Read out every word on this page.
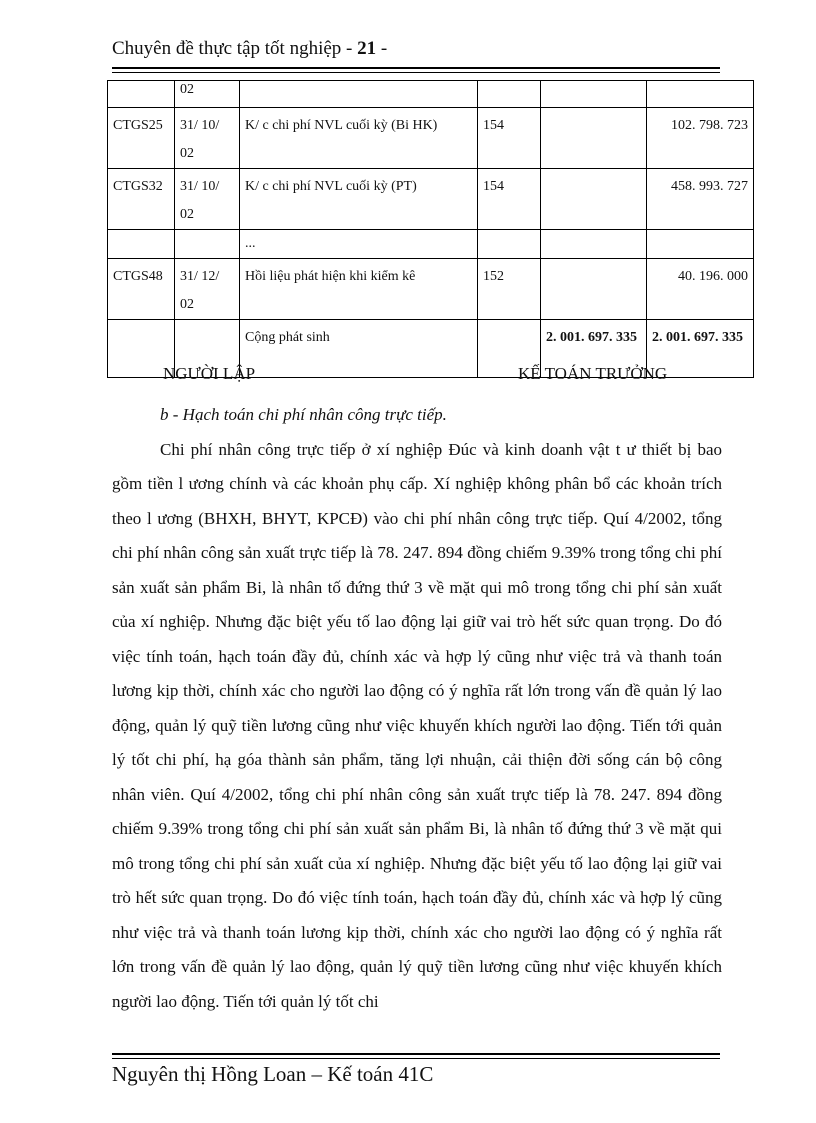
Chuyên đề thực tập tốt nghiệp - 21 -
	02				
CTGS25	31/ 10/ 02	K/ c chi phí NVL cuối kỳ (Bi HK)	154		102. 798. 723
CTGS32	31/ 10/ 02	K/ c chi phí NVL cuối kỳ (PT)	154		458. 993. 727
		...			
CTGS48	31/ 12/ 02	Hồi liệu phát hiện khi kiểm kê	152		40. 196. 000
		Cộng phát sinh		2. 001. 697. 335	2. 001. 697. 335
NGƯỜI LẬP	KẾ TOÁN TRƯỞNG

b - Hạch toán chi phí nhân công trực tiếp.

Chi phí nhân công trực tiếp ở xí nghiệp Đúc và kinh doanh vật t ư thiết bị bao gồm tiền l ương chính và các khoản phụ cấp. Xí nghiệp không phân bổ các khoản trích theo l ương (BHXH, BHYT, KPCĐ) vào chi phí nhân công trực tiếp. Quí 4/2002, tổng chi phí nhân công sản xuất trực tiếp là 78. 247. 894 đồng chiếm 9.39% trong tổng chi phí sản xuất sản phẩm Bi, là nhân tố đứng thứ 3 về mặt qui mô trong tổng chi phí sản xuất của xí nghiệp. Nhưng đặc biệt yếu tố lao động lại giữ vai trò hết sức quan trọng. Do đó việc tính toán, hạch toán đầy đủ, chính xác và hợp lý cũng như việc trả và thanh toán lương kịp thời, chính xác cho người lao động có ý nghĩa rất lớn trong vấn đề quản lý lao động, quản lý quỹ tiền lương cũng như việc khuyến khích người lao động. Tiến tới quản lý tốt chi phí, hạ góa thành sản phẩm, tăng lợi nhuận, cải thiện đời sống cán bộ công nhân viên. Quí 4/2002, tổng chi phí nhân công sản xuất trực tiếp là 78. 247. 894 đồng chiếm 9.39% trong tổng chi phí sản xuất sản phẩm Bi, là nhân tố đứng thứ 3 về mặt qui mô trong tổng chi phí sản xuất của xí nghiệp. Nhưng đặc biệt yếu tố lao động lại giữ vai trò hết sức quan trọng. Do đó việc tính toán, hạch toán đầy đủ, chính xác và hợp lý cũng như việc trả và thanh toán lương kịp thời, chính xác cho người lao động có ý nghĩa rất lớn trong vấn đề quản lý lao động, quản lý quỹ tiền lương cũng như việc khuyến khích người lao động. Tiến tới quản lý tốt chi

Nguyên thị Hồng Loan – Kế toán 41C
